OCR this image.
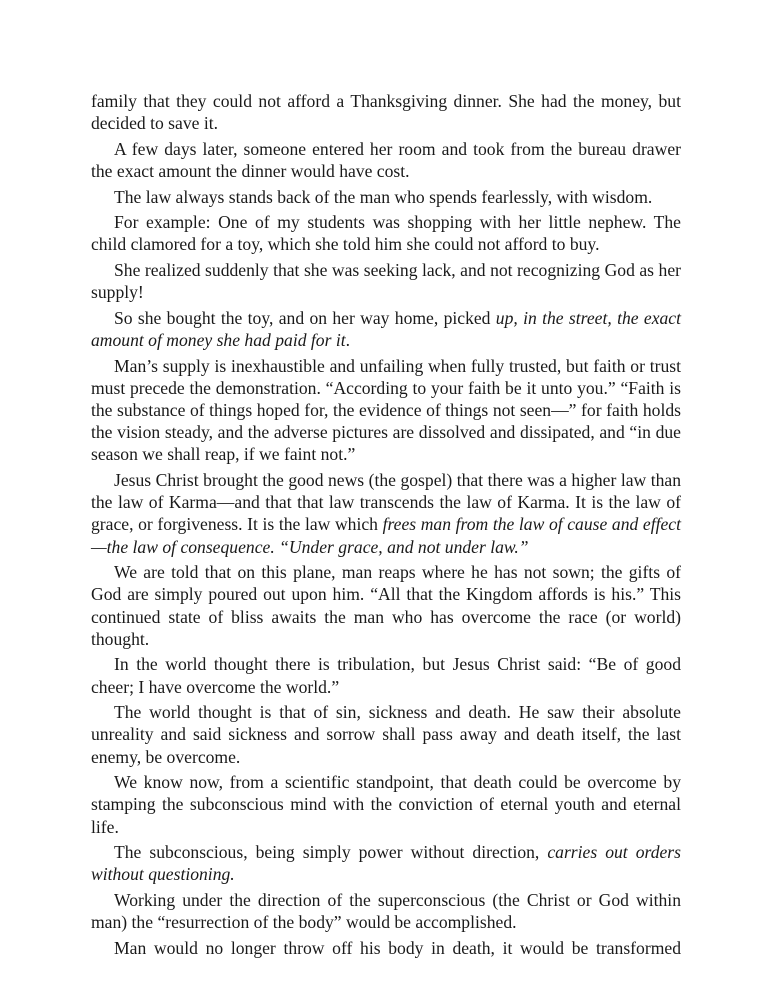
family that they could not afford a Thanksgiving dinner. She had the money, but decided to save it.

A few days later, someone entered her room and took from the bureau drawer the exact amount the dinner would have cost.

The law always stands back of the man who spends fearlessly, with wisdom.

For example: One of my students was shopping with her little nephew. The child clamored for a toy, which she told him she could not afford to buy.

She realized suddenly that she was seeking lack, and not recognizing God as her supply!

So she bought the toy, and on her way home, picked up, in the street, the exact amount of money she had paid for it.

Man’s supply is inexhaustible and unfailing when fully trusted, but faith or trust must precede the demonstration. “According to your faith be it unto you.” “Faith is the substance of things hoped for, the evidence of things not seen—” for faith holds the vision steady, and the adverse pictures are dissolved and dissipated, and “in due season we shall reap, if we faint not.”

Jesus Christ brought the good news (the gospel) that there was a higher law than the law of Karma—and that that law transcends the law of Karma. It is the law of grace, or forgiveness. It is the law which frees man from the law of cause and effect—the law of consequence. “Under grace, and not under law.”

We are told that on this plane, man reaps where he has not sown; the gifts of God are simply poured out upon him. “All that the Kingdom affords is his.” This continued state of bliss awaits the man who has overcome the race (or world) thought.

In the world thought there is tribulation, but Jesus Christ said: “Be of good cheer; I have overcome the world.”

The world thought is that of sin, sickness and death. He saw their absolute unreality and said sickness and sorrow shall pass away and death itself, the last enemy, be overcome.

We know now, from a scientific standpoint, that death could be overcome by stamping the subconscious mind with the conviction of eternal youth and eternal life.

The subconscious, being simply power without direction, carries out orders without questioning.

Working under the direction of the superconscious (the Christ or God within man) the “resurrection of the body” would be accomplished.

Man would no longer throw off his body in death, it would be transformed
